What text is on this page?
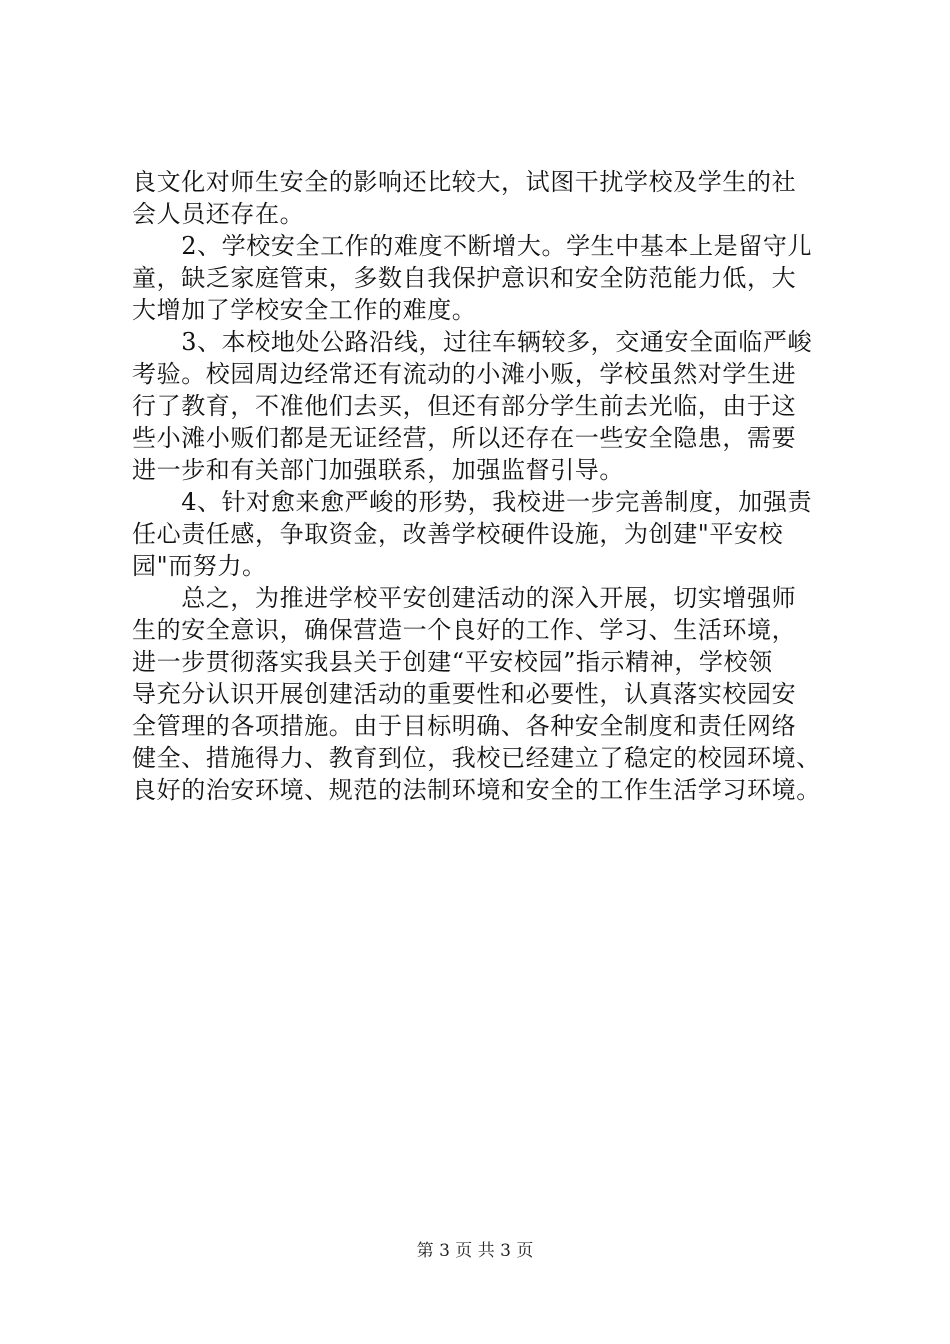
良文化对师生安全的影响还比较大，试图干扰学校及学生的社
会人员还存在。
　　2、学校安全工作的难度不断增大。学生中基本上是留守儿
童，缺乏家庭管束，多数自我保护意识和安全防范能力低，大
大增加了学校安全工作的难度。
　　3、本校地处公路沿线，过往车辆较多，交通安全面临严峻
考验。校园周边经常还有流动的小滩小贩，学校虽然对学生进
行了教育，不准他们去买，但还有部分学生前去光临，由于这
些小滩小贩们都是无证经营，所以还存在一些安全隐患，需要
进一步和有关部门加强联系，加强监督引导。
　　4、针对愈来愈严峻的形势，我校进一步完善制度，加强责
任心责任感，争取资金，改善学校硬件设施，为创建"平安校
园"而努力。
　　总之，为推进学校平安创建活动的深入开展，切实增强师
生的安全意识，确保营造一个良好的工作、学习、生活环境，
进一步贯彻落实我县关于创建“平安校园”指示精神，学校领
导充分认识开展创建活动的重要性和必要性，认真落实校园安
全管理的各项措施。由于目标明确、各种安全制度和责任网络
健全、措施得力、教育到位，我校已经建立了稳定的校园环境、
良好的治安环境、规范的法制环境和安全的工作生活学习环境。
第 3 页 共 3 页
